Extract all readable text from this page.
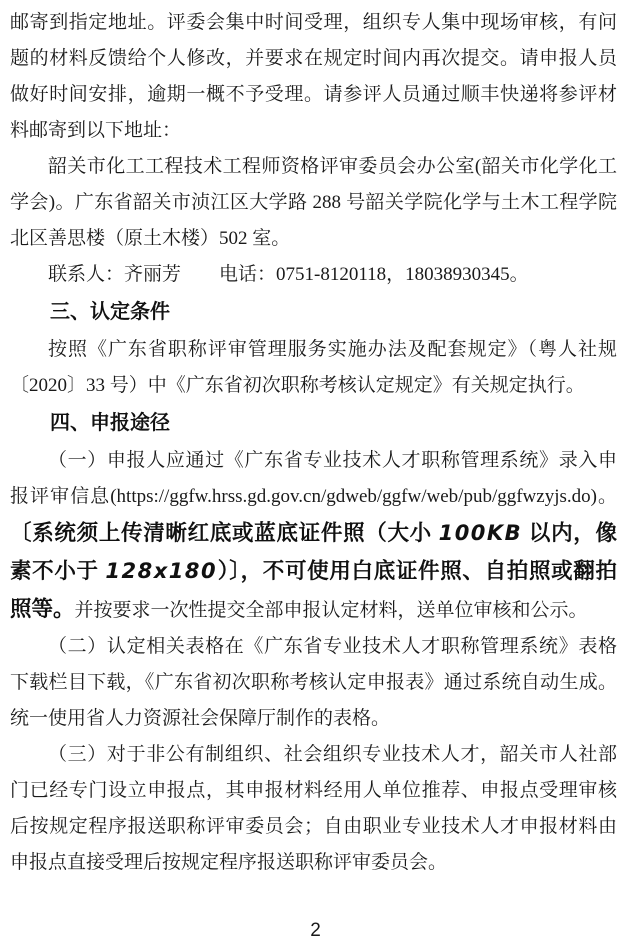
邮寄到指定地址。评委会集中时间受理，组织专人集中现场审核，有问题的材料反馈给个人修改，并要求在规定时间内再次提交。请申报人员做好时间安排，逾期一概不予受理。请参评人员通过顺丰快递将参评材料邮寄到以下地址：

韶关市化工工程技术工程师资格评审委员会办公室(韶关市化学化工学会)。广东省韶关市浈江区大学路 288 号韶关学院化学与土木工程学院北区善思楼（原土木楼）502 室。

联系人：齐丽芳　　电话：0751-8120118，18038930345。

三、认定条件

按照《广东省职称评审管理服务实施办法及配套规定》（粤人社规〔2020〕33 号）中《广东省初次职称考核认定规定》有关规定执行。

四、申报途径

（一）申报人应通过《广东省专业技术人才职称管理系统》录入申报评审信息(https://ggfw.hrss.gd.gov.cn/gdweb/ggfw/web/pub/ggfwzyjs.do)。〔系统须上传清晰红底或蓝底证件照（大小 100KB 以内，像素不小于 128x180）〕，不可使用白底证件照、自拍照或翻拍照等。并按要求一次性提交全部申报认定材料，送单位审核和公示。

（二）认定相关表格在《广东省专业技术人才职称管理系统》表格下载栏目下载，《广东省初次职称考核认定申报表》通过系统自动生成。统一使用省人力资源社会保障厅制作的表格。

（三）对于非公有制组织、社会组织专业技术人才，韶关市人社部门已经专门设立申报点，其申报材料经用人单位推荐、申报点受理审核后按规定程序报送职称评审委员会；自由职业专业技术人才申报材料由申报点直接受理后按规定程序报送职称评审委员会。

2
